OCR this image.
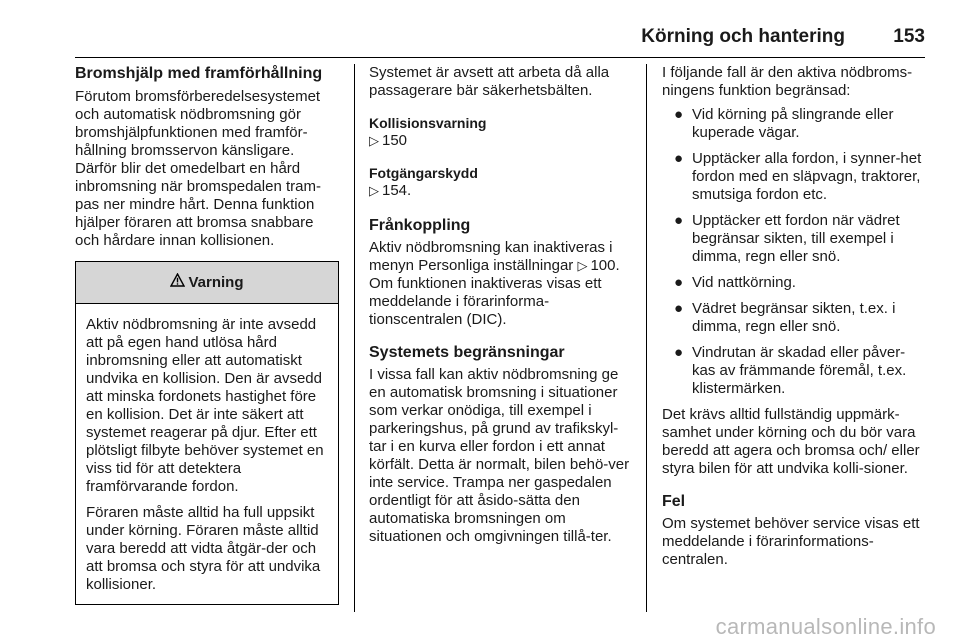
Körning och hantering	153
Bromshjälp med framförhållning

Förutom bromsförberedelsesystemet och automatisk nödbromsning gör bromshjälpfunktionen med framför-hållning bromsservon känsligare. Därför blir det omedelbart en hård inbromsning när bromspedalen tram-pas ner mindre hårt. Denna funktion hjälper föraren att bromsa snabbare och hårdare innan kollisionen.

Varning

Aktiv nödbromsning är inte avsedd att på egen hand utlösa hård inbromsning eller att automatiskt undvika en kollision. Den är avsedd att minska fordonets hastighet före en kollision. Det är inte säkert att systemet reagerar på djur. Efter ett plötsligt filbyte behöver systemet en viss tid för att detektera framförvarande fordon.

Föraren måste alltid ha full uppsikt under körning. Föraren måste alltid vara beredd att vidta åtgär-der och att bromsa och styra för att undvika kollisioner.

Systemet är avsett att arbeta då alla passagerare bär säkerhetsbälten.

Kollisionsvarning

▷ 150

Fotgängarskydd

▷ 154.

Frånkoppling

Aktiv nödbromsning kan inaktiveras i menyn Personliga inställningar ▷ 100. Om funktionen inaktiveras visas ett meddelande i förarinforma-tionscentralen (DIC).

Systemets begränsningar

I vissa fall kan aktiv nödbromsning ge en automatisk bromsning i situationer som verkar onödiga, till exempel i parkeringshus, på grund av trafikskyl-tar i en kurva eller fordon i ett annat körfält. Detta är normalt, bilen behö-ver inte service. Trampa ner gaspedalen ordentligt för att åsido-sätta den automatiska bromsningen om situationen och omgivningen tillå-ter.

I följande fall är den aktiva nödbroms-ningens funktion begränsad:

● Vid körning på slingrande eller kuperade vägar.
● Upptäcker alla fordon, i synner-het fordon med en släpvagn, traktorer, smutsiga fordon etc.
● Upptäcker ett fordon när vädret begränsar sikten, till exempel i dimma, regn eller snö.
● Vid nattkörning.
● Vädret begränsar sikten, t.ex. i dimma, regn eller snö.
● Vindrutan är skadad eller påver-kas av främmande föremål, t.ex. klistermärken.

Det krävs alltid fullständig uppmärk-samhet under körning och du bör vara beredd att agera och bromsa och/ eller styra bilen för att undvika kolli-sioner.

Fel

Om systemet behöver service visas ett meddelande i förarinformations-centralen.

carmanualsonline.info
